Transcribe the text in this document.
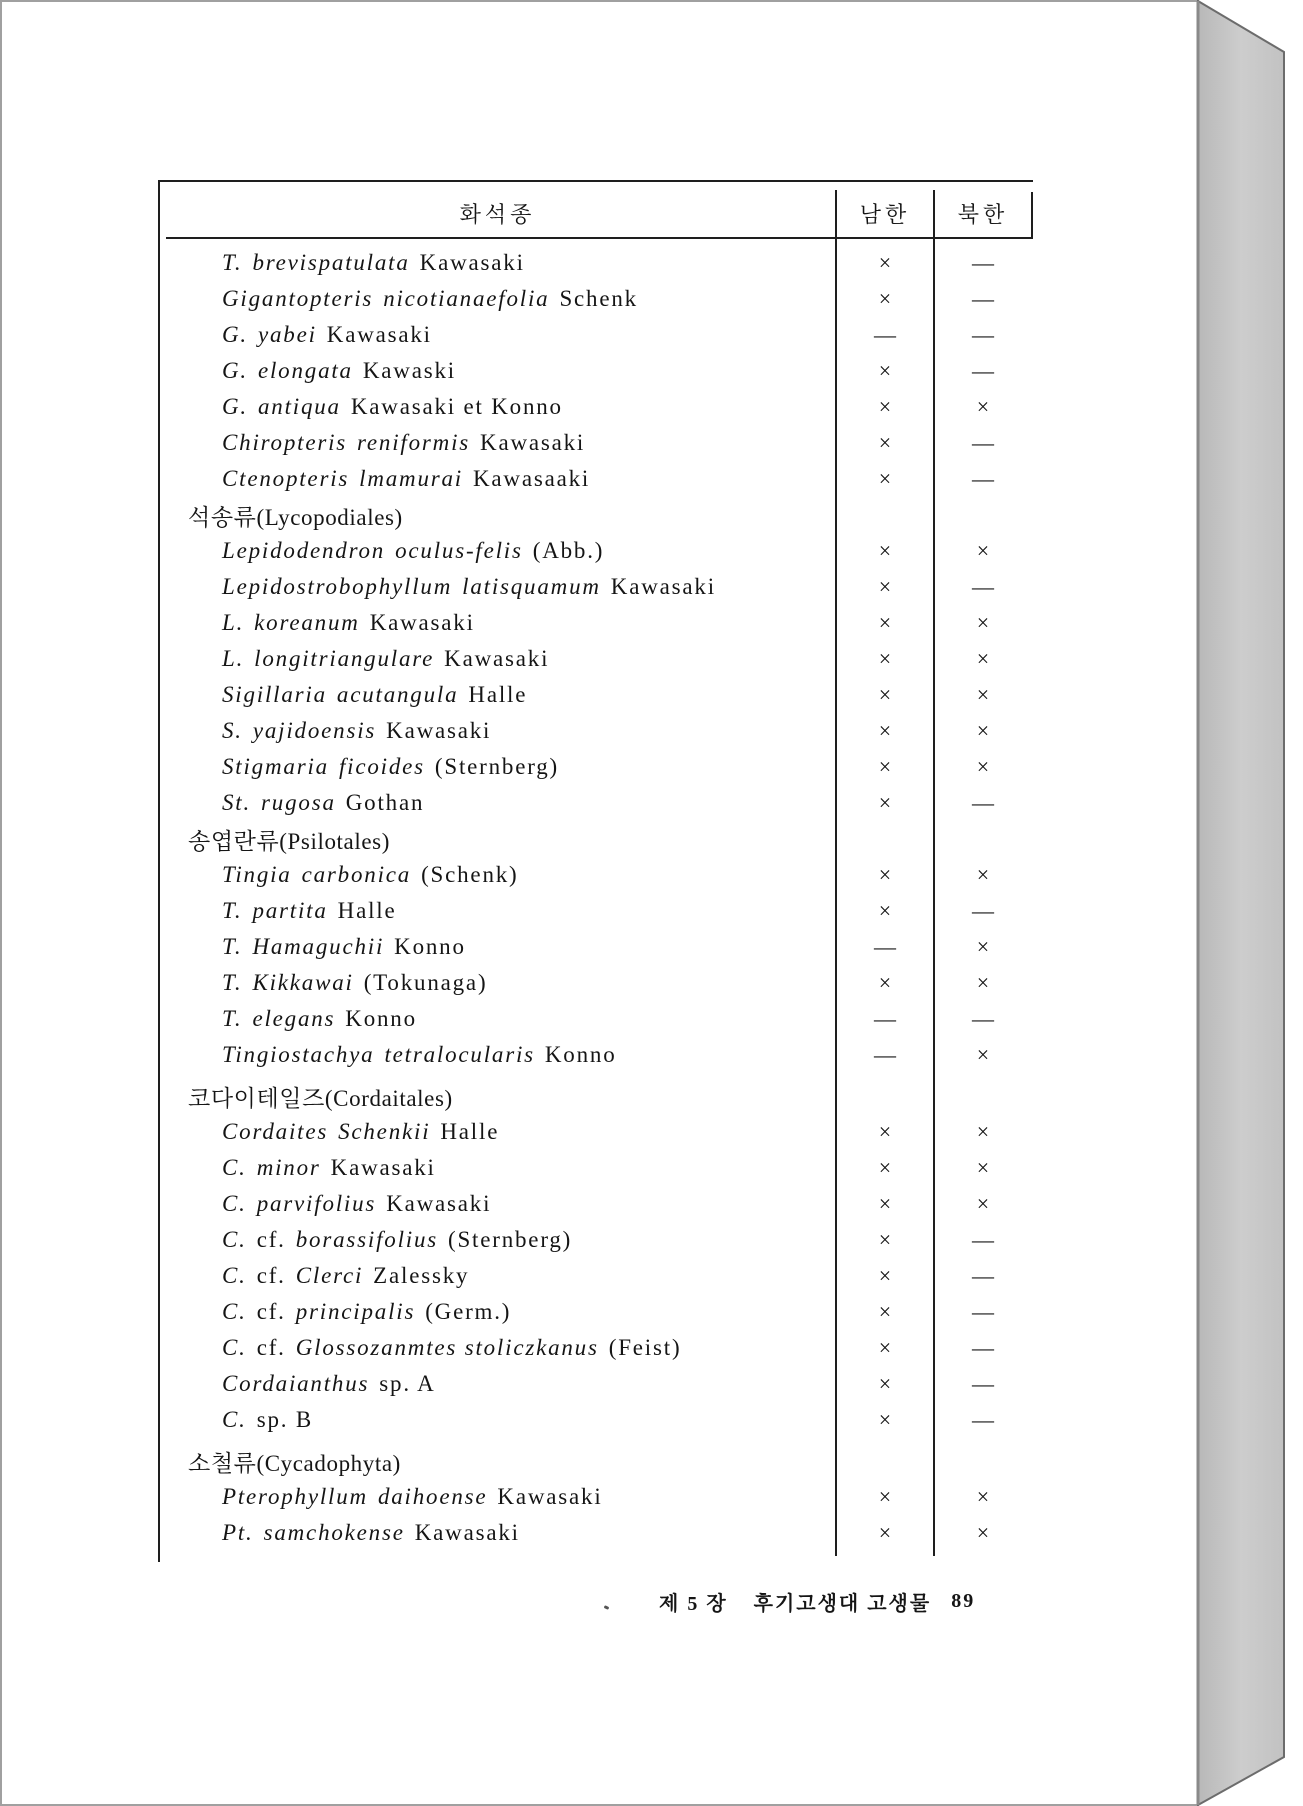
화석종	남한	북한
T. brevispatulata Kawasaki	×	—
Gigantopteris nicotianaefolia Schenk	×	—
G. yabei Kawasaki	—	—
G. elongata Kawaski	×	—
G. antiqua Kawasaki et Konno	×	×
Chiropteris reniformis Kawasaki	×	—
Ctenopteris lmamurai Kawasaaki	×	—
석송류(Lycopodiales)
Lepidodendron oculus-felis (Abb.)	×	×
Lepidostrobophyllum latisquamum Kawasaki	×	—
L. koreanum Kawasaki	×	×
L. longitriangulare Kawasaki	×	×
Sigillaria acutangula Halle	×	×
S. yajidoensis Kawasaki	×	×
Stigmaria ficoides (Sternberg)	×	×
St. rugosa Gothan	×	—
송엽란류(Psilotales)
Tingia carbonica (Schenk)	×	×
T. partita Halle	×	—
T. Hamaguchii Konno	—	×
T. Kikkawai (Tokunaga)	×	×
T. elegans Konno	—	—
Tingiostachya tetralocularis Konno	—	×
코다이테일즈(Cordaitales)
Cordaites Schenkii Halle	×	×
C. minor Kawasaki	×	×
C. parvifolius Kawasaki	×	×
C. cf. borassifolius (Sternberg)	×	—
C. cf. Clerci Zalessky	×	—
C. cf. principalis (Germ.)	×	—
C. cf. Glossozanmtes stoliczkanus (Feist)	×	—
Cordaianthus sp. A	×	—
C. sp. B	×	—
소철류(Cycadophyta)
Pterophyllum daihoense Kawasaki	×	×
Pt. samchokense Kawasaki	×	×
제 5 장 후기고생대 고생물 89
